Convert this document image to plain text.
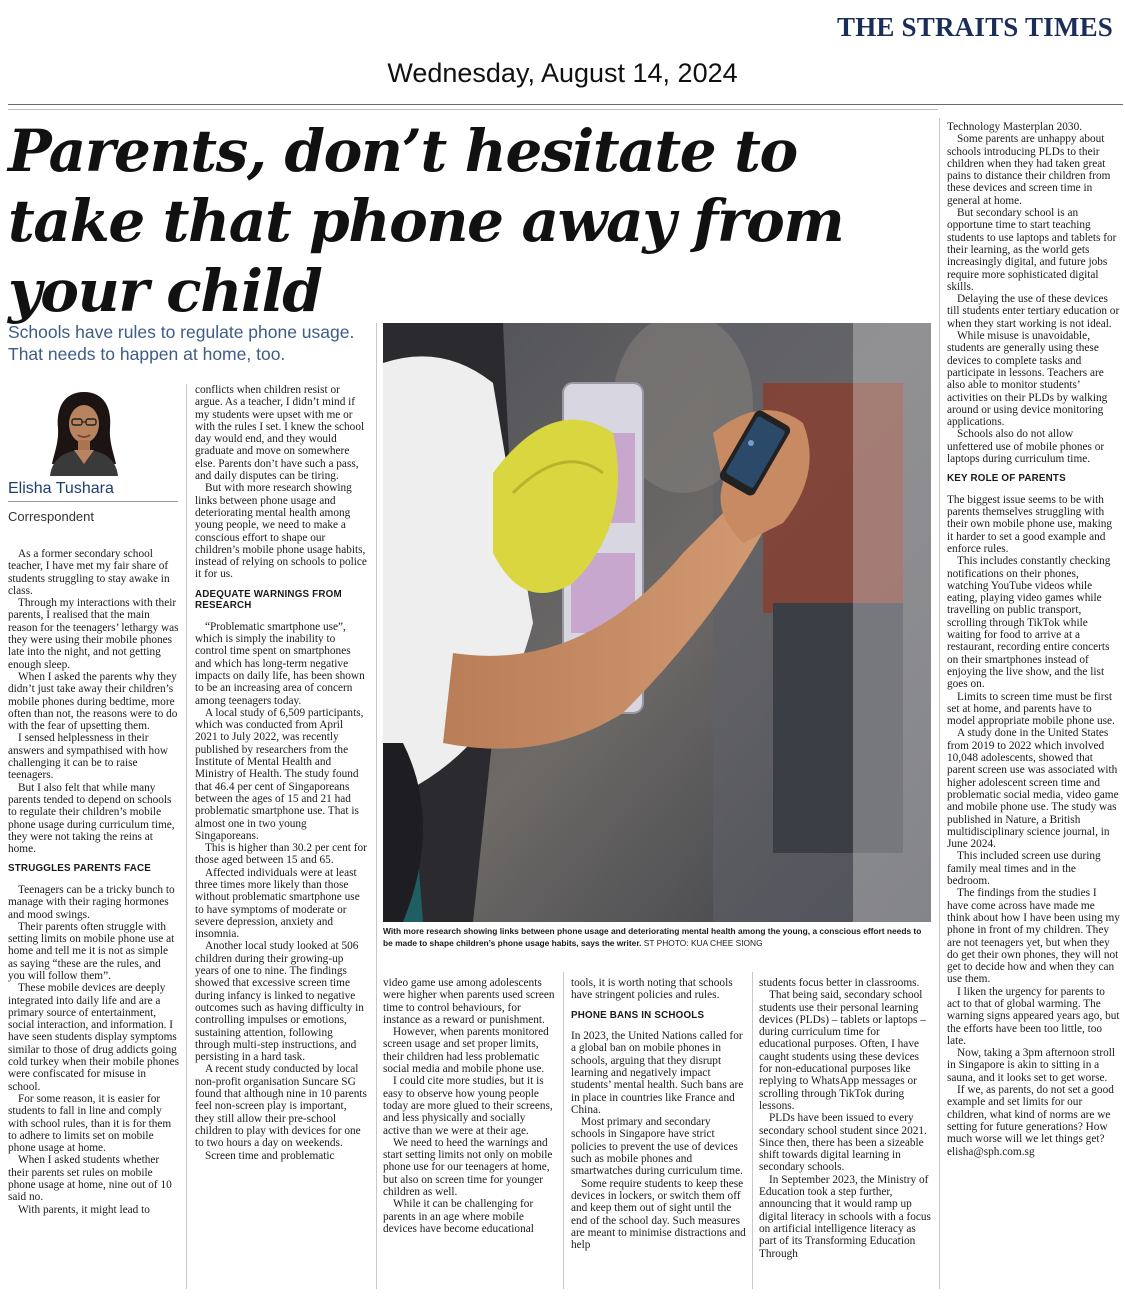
THE STRAITS TIMES
Wednesday, August 14, 2024
Parents, don’t hesitate to take that phone away from your child
Schools have rules to regulate phone usage. That needs to happen at home, too.
Elisha Tushara
Correspondent

As a former secondary school teacher, I have met my fair share of students struggling to stay awake in class.

Through my interactions with their parents, I realised that the main reason for the teenagers’ lethargy was they were using their mobile phones late into the night, and not getting enough sleep.

When I asked the parents why they didn’t just take away their children’s mobile phones during bedtime, more often than not, the reasons were to do with the fear of upsetting them.

I sensed helplessness in their answers and sympathised with how challenging it can be to raise teenagers.

But I also felt that while many parents tended to depend on schools to regulate their children’s mobile phone usage during curriculum time, they were not taking the reins at home.

STRUGGLES PARENTS FACE

Teenagers can be a tricky bunch to manage with their raging hormones and mood swings.

Their parents often struggle with setting limits on mobile phone use at home and tell me it is not as simple as saying “these are the rules, and you will follow them”.

These mobile devices are deeply integrated into daily life and are a primary source of entertainment, social interaction, and information. I have seen students display symptoms similar to those of drug addicts going cold turkey when their mobile phones were confiscated for misuse in school.

For some reason, it is easier for students to fall in line and comply with school rules, than it is for them to adhere to limits set on mobile phone usage at home.

When I asked students whether their parents set rules on mobile phone usage at home, nine out of 10 said no.

With parents, it might lead to

conflicts when children resist or argue. As a teacher, I didn’t mind if my students were upset with me or with the rules I set. I knew the school day would end, and they would graduate and move on somewhere else. Parents don’t have such a pass, and daily disputes can be tiring.

But with more research showing links between phone usage and deteriorating mental health among young people, we need to make a conscious effort to shape our children’s mobile phone usage habits, instead of relying on schools to police it for us.

ADEQUATE WARNINGS FROM RESEARCH

“Problematic smartphone use”, which is simply the inability to control time spent on smartphones and which has long-term negative impacts on daily life, has been shown to be an increasing area of concern among teenagers today.

A local study of 6,509 participants, which was conducted from April 2021 to July 2022, was recently published by researchers from the Institute of Mental Health and Ministry of Health. The study found that 46.4 per cent of Singaporeans between the ages of 15 and 21 had problematic smartphone use. That is almost one in two young Singaporeans.

This is higher than 30.2 per cent for those aged between 15 and 65.

Affected individuals were at least three times more likely than those without problematic smartphone use to have symptoms of moderate or severe depression, anxiety and insomnia.

Another local study looked at 506 children during their growing-up years of one to nine. The findings showed that excessive screen time during infancy is linked to negative outcomes such as having difficulty in controlling impulses or emotions, sustaining attention, following through multi-step instructions, and persisting in a hard task.

A recent study conducted by local non-profit organisation Suncare SG found that although nine in 10 parents feel non-screen play is important, they still allow their pre-school children to play with devices for one to two hours a day on weekends.

Screen time and problematic

video game use among adolescents were higher when parents used screen time to control behaviours, for instance as a reward or punishment.

However, when parents monitored screen usage and set proper limits, their children had less problematic social media and mobile phone use.

I could cite more studies, but it is easy to observe how young people today are more glued to their screens, and less physically and socially active than we were at their age.

We need to heed the warnings and start setting limits not only on mobile phone use for our teenagers at home, but also on screen time for younger children as well.

While it can be challenging for parents in an age where mobile devices have become educational

tools, it is worth noting that schools have stringent policies and rules.

PHONE BANS IN SCHOOLS

In 2023, the United Nations called for a global ban on mobile phones in schools, arguing that they disrupt learning and negatively impact students’ mental health. Such bans are in place in countries like France and China.

Most primary and secondary schools in Singapore have strict policies to prevent the use of devices such as mobile phones and smartwatches during curriculum time.

Some require students to keep these devices in lockers, or switch them off and keep them out of sight until the end of the school day. Such measures are meant to minimise distractions and help

students focus better in classrooms.

That being said, secondary school students use their personal learning devices (PLDs) – tablets or laptops – during curriculum time for educational purposes. Often, I have caught students using these devices for non-educational purposes like replying to WhatsApp messages or scrolling through TikTok during lessons.

PLDs have been issued to every secondary school student since 2021. Since then, there has been a sizeable shift towards digital learning in secondary schools.

In September 2023, the Ministry of Education took a step further, announcing that it would ramp up digital literacy in schools with a focus on artificial intelligence literacy as part of its Transforming Education Through

Technology Masterplan 2030.

Some parents are unhappy about schools introducing PLDs to their children when they had taken great pains to distance their children from these devices and screen time in general at home.

But secondary school is an opportune time to start teaching students to use laptops and tablets for their learning, as the world gets increasingly digital, and future jobs require more sophisticated digital skills.

Delaying the use of these devices till students enter tertiary education or when they start working is not ideal.

While misuse is unavoidable, students are generally using these devices to complete tasks and participate in lessons. Teachers are also able to monitor students’ activities on their PLDs by walking around or using device monitoring applications.

Schools also do not allow unfettered use of mobile phones or laptops during curriculum time.

KEY ROLE OF PARENTS

The biggest issue seems to be with parents themselves struggling with their own mobile phone use, making it harder to set a good example and enforce rules.

This includes constantly checking notifications on their phones, watching YouTube videos while eating, playing video games while travelling on public transport, scrolling through TikTok while waiting for food to arrive at a restaurant, recording entire concerts on their smartphones instead of enjoying the live show, and the list goes on.

Limits to screen time must be first set at home, and parents have to model appropriate mobile phone use.

A study done in the United States from 2019 to 2022 which involved 10,048 adolescents, showed that parent screen use was associated with higher adolescent screen time and problematic social media, video game and mobile phone use. The study was published in Nature, a British multidisciplinary science journal, in June 2024.

This included screen use during family meal times and in the bedroom.

The findings from the studies I have come across have made me think about how I have been using my phone in front of my children. They are not teenagers yet, but when they do get their own phones, they will not get to decide how and when they can use them.

I liken the urgency for parents to act to that of global warming. The warning signs appeared years ago, but the efforts have been too little, too late.

Now, taking a 3pm afternoon stroll in Singapore is akin to sitting in a sauna, and it looks set to get worse.

If we, as parents, do not set a good example and set limits for our children, what kind of norms are we setting for future generations? How much worse will we let things get?

elisha@sph.com.sg

With more research showing links between phone usage and deteriorating mental health among the young, a conscious effort needs to be made to shape children’s phone usage habits, says the writer. ST PHOTO: KUA CHEE SIONG
